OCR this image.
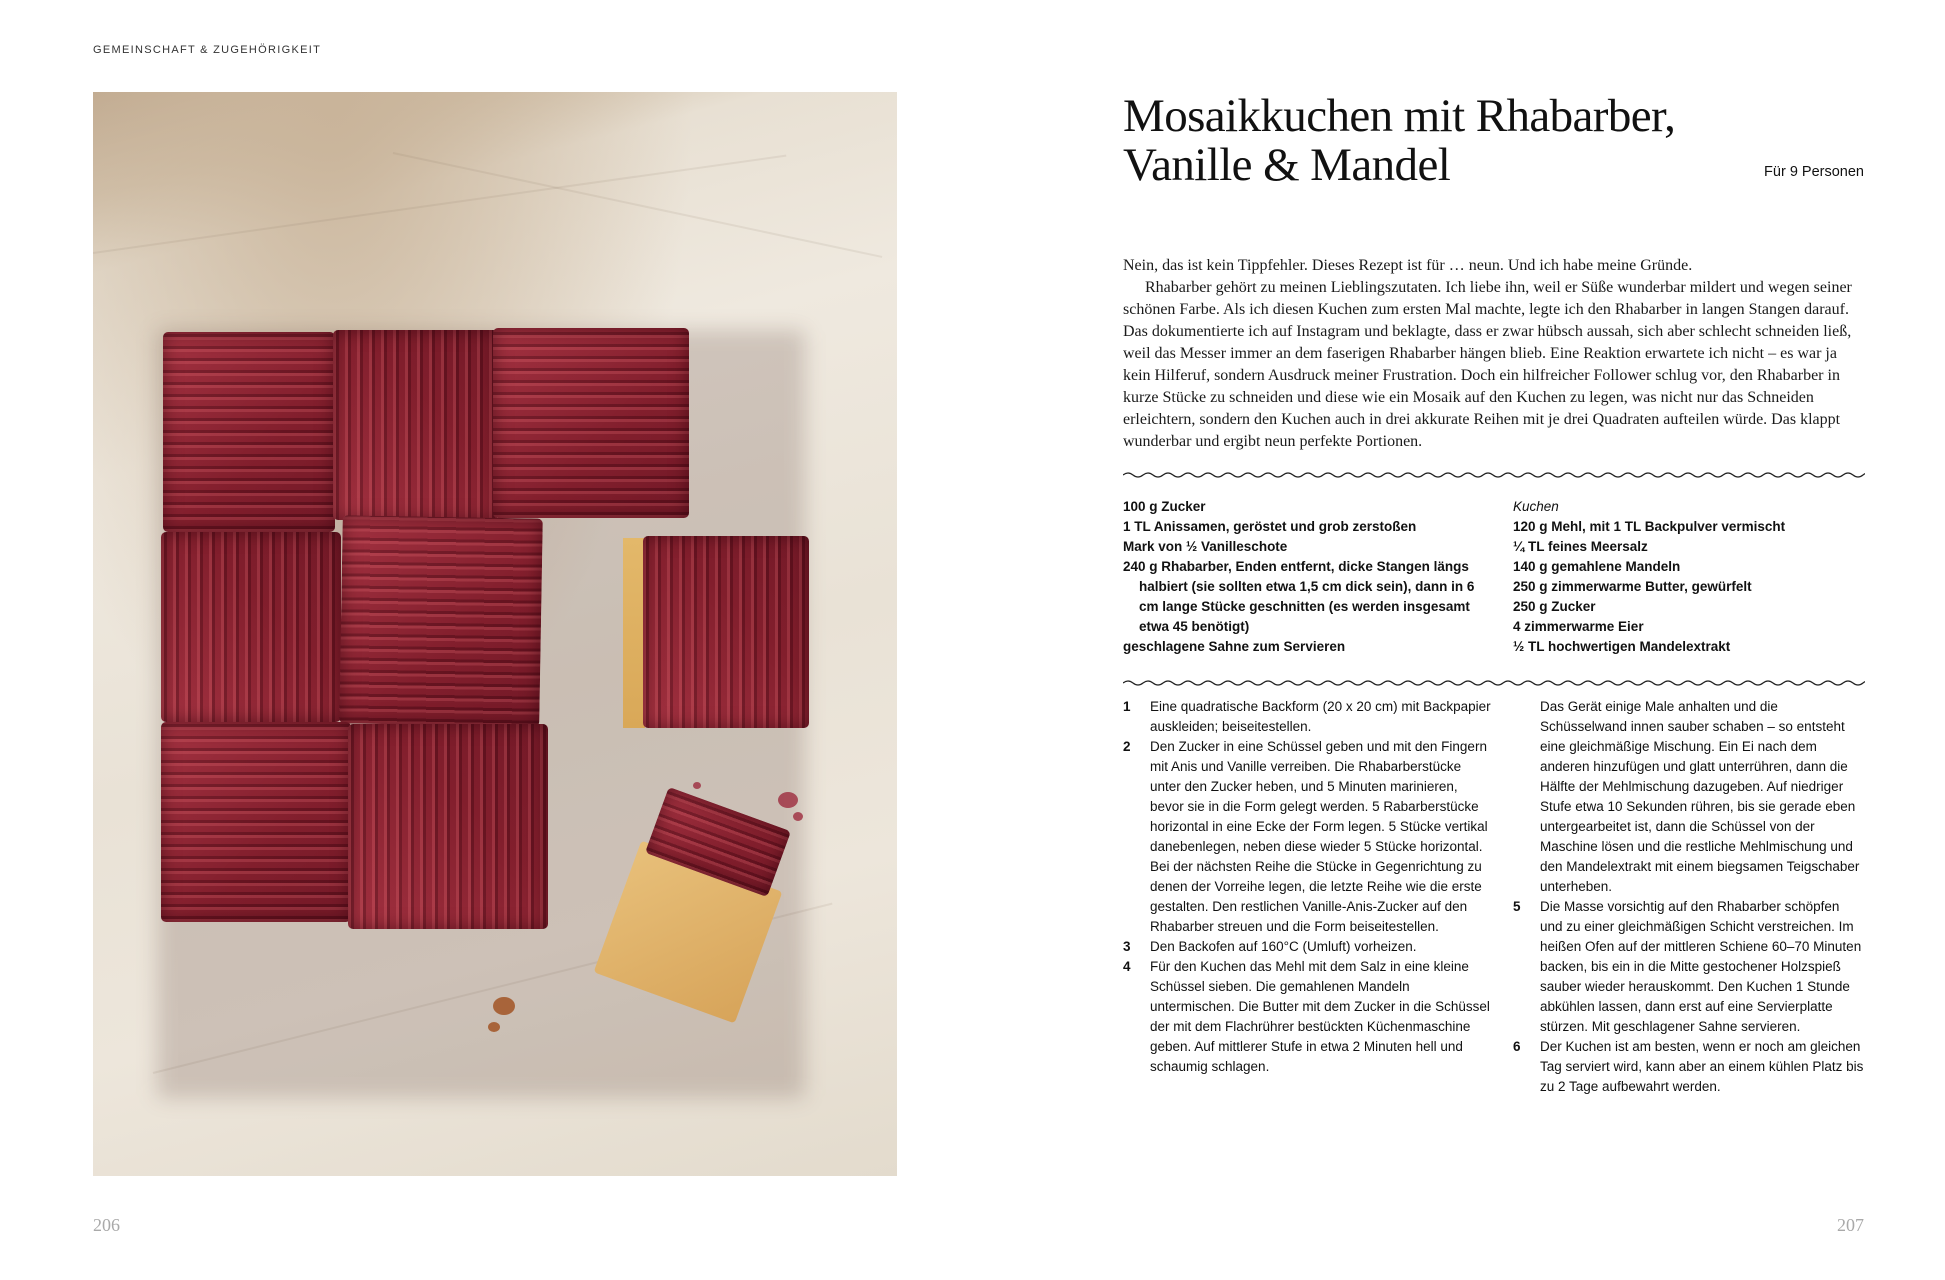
GEMEINSCHAFT & ZUGEHÖRIGKEIT
Mosaikkuchen mit Rhabarber,
Vanille & Mandel	Für 9 Personen

Nein, das ist kein Tippfehler. Dieses Rezept ist für … neun. Und ich habe meine Gründe.

Rhabarber gehört zu meinen Lieblingszutaten. Ich liebe ihn, weil er Süße wunderbar mildert und wegen seiner schönen Farbe. Als ich diesen Kuchen zum ersten Mal machte, legte ich den Rhabarber in langen Stangen darauf. Das dokumentierte ich auf Instagram und beklagte, dass er zwar hübsch aussah, sich aber schlecht schneiden ließ, weil das Messer immer an dem faserigen Rhabarber hängen blieb. Eine Reaktion erwartete ich nicht – es war ja kein Hilferuf, sondern Ausdruck meiner Frustration. Doch ein hilfreicher Follower schlug vor, den Rhabarber in kurze Stücke zu schneiden und diese wie ein Mosaik auf den Kuchen zu legen, was nicht nur das Schneiden erleichtern, sondern den Kuchen auch in drei akkurate Reihen mit je drei Quadraten aufteilen würde. Das klappt wunderbar und ergibt neun perfekte Portionen.

100 g Zucker
1 TL Anissamen, geröstet und grob zerstoßen
Mark von ½ Vanilleschote
240 g Rhabarber, Enden entfernt, dicke Stangen längs halbiert (sie sollten etwa 1,5 cm dick sein), dann in 6 cm lange Stücke geschnitten (es werden insgesamt etwa 45 benötigt)
geschlagene Sahne zum Servieren
Kuchen
120 g Mehl, mit 1 TL Backpulver vermischt
¼ TL feines Meersalz
140 g gemahlene Mandeln
250 g zimmerwarme Butter, gewürfelt
250 g Zucker
4 zimmerwarme Eier
½ TL hochwertigen Mandelextrakt
1 Eine quadratische Backform (20 x 20 cm) mit Backpapier auskleiden; beiseitestellen.
2 Den Zucker in eine Schüssel geben und mit den Fingern mit Anis und Vanille verreiben. Die Rhabarberstücke unter den Zucker heben, und 5 Minuten marinieren, bevor sie in die Form gelegt werden. 5 Rabarberstücke horizontal in eine Ecke der Form legen. 5 Stücke vertikal danebenlegen, neben diese wieder 5 Stücke horizontal. Bei der nächsten Reihe die Stücke in Gegenrichtung zu denen der Vorreihe legen, die letzte Reihe wie die erste gestalten. Den restlichen Vanille-Anis-Zucker auf den Rhabarber streuen und die Form beiseitestellen.
3 Den Backofen auf 160°C (Umluft) vorheizen.
4 Für den Kuchen das Mehl mit dem Salz in eine kleine Schüssel sieben. Die gemahlenen Mandeln untermischen. Die Butter mit dem Zucker in die Schüssel der mit dem Flachrührer bestückten Küchenmaschine geben. Auf mittlerer Stufe in etwa 2 Minuten hell und schaumig schlagen.
Das Gerät einige Male anhalten und die Schüsselwand innen sauber schaben – so entsteht eine gleichmäßige Mischung. Ein Ei nach dem anderen hinzufügen und glatt unterrühren, dann die Hälfte der Mehlmischung dazugeben. Auf niedriger Stufe etwa 10 Sekunden rühren, bis sie gerade eben untergearbeitet ist, dann die Schüssel von der Maschine lösen und die restliche Mehlmischung und den Mandelextrakt mit einem biegsamen Teigschaber unterheben.
5 Die Masse vorsichtig auf den Rhabarber schöpfen und zu einer gleichmäßigen Schicht verstreichen. Im heißen Ofen auf der mittleren Schiene 60–70 Minuten backen, bis ein in die Mitte gestochener Holzspieß sauber wieder herauskommt. Den Kuchen 1 Stunde abkühlen lassen, dann erst auf eine Servierplatte stürzen. Mit geschlagener Sahne servieren.
6 Der Kuchen ist am besten, wenn er noch am gleichen Tag serviert wird, kann aber an einem kühlen Platz bis zu 2 Tage aufbewahrt werden.
206	207
